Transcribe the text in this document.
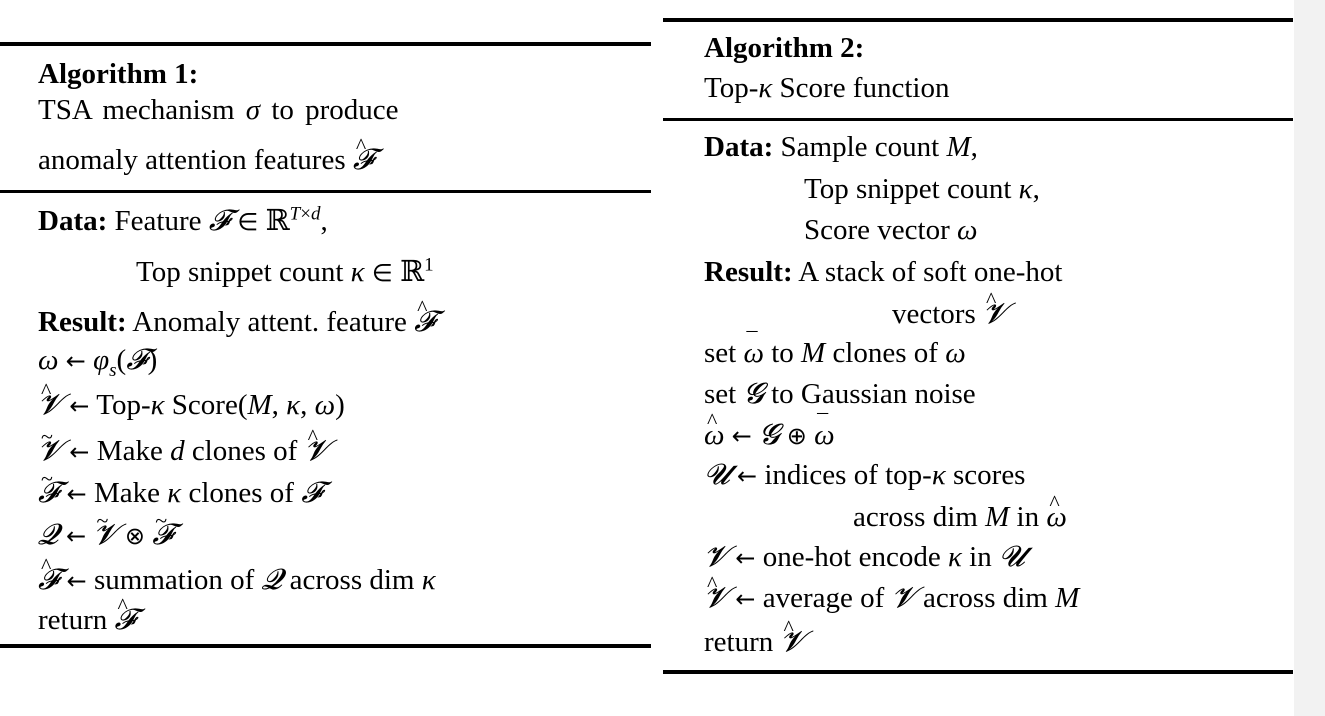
Algorithm 1:
TSA mechanism σ to produce
anomaly attention features ^ 𝓕
Data: Feature 𝓕 ∈ ℝ$^{T\times d}$,
Top snippet count κ ∈ ℝ$^1$
Result: Anomaly attent. feature ^ 𝓕
ω ← $\varphi_s(𝓕)$
^ 𝓥 ← Top-κ Score(M, κ, ω)
~ 𝓥 ← Make d clones of ^ 𝓥
~ 𝓕 ← Make κ clones of 𝓕
𝓠 ← ~ 𝓥 ⊗ ~ 𝓕
^ 𝓕 ← summation of 𝓠 across dim κ
return ^ 𝓕
Algorithm 2:
Top-κ Score function
Data: Sample count M,
Top snippet count κ,
Score vector ω
Result: A stack of soft one-hot
vectors ^ 𝓥
set ¯ ω to M clones of ω
set 𝓖 to Gaussian noise
^ ω ← 𝓖 ⊕ ¯ ω
𝓤 ← indices of top-κ scores
across dim M in ^ ω
𝓥 ← one-hot encode κ in 𝓤
^ 𝓥 ← average of 𝓥 across dim M
return ^ 𝓥
